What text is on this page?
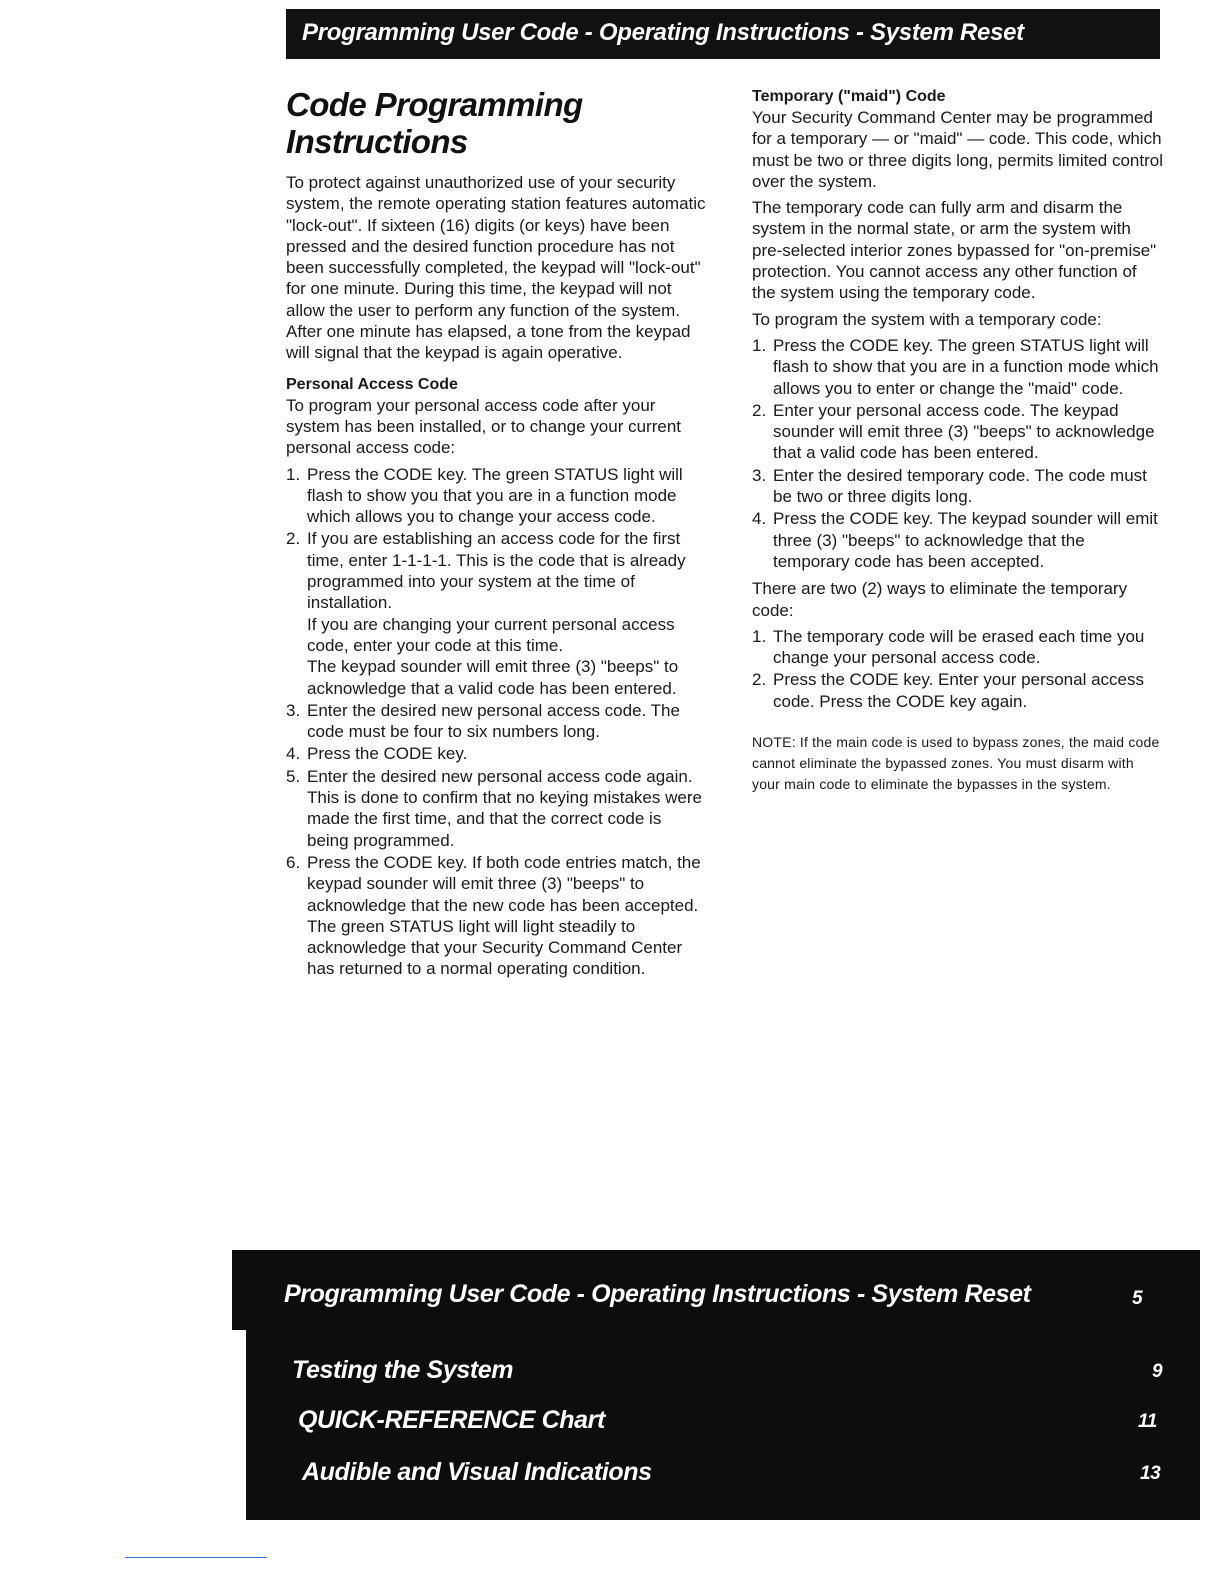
Programming User Code - Operating Instructions - System Reset
Code Programming
Instructions

To protect against unauthorized use of your security system, the remote operating station features automatic "lock-out". If sixteen (16) digits (or keys) have been pressed and the desired function procedure has not been successfully completed, the keypad will "lock-out" for one minute. During this time, the keypad will not allow the user to perform any function of the system. After one minute has elapsed, a tone from the keypad will signal that the keypad is again operative.

Personal Access Code

To program your personal access code after your system has been installed, or to change your current personal access code:

1. Press the CODE key. The green STATUS light will flash to show you that you are in a function mode which allows you to change your access code.
2. If you are establishing an access code for the first time, enter 1-1-1-1. This is the code that is already programmed into your system at the time of installation.
If you are changing your current personal access code, enter your code at this time.
The keypad sounder will emit three (3) "beeps" to acknowledge that a valid code has been entered.
3. Enter the desired new personal access code. The code must be four to six numbers long.
4. Press the CODE key.
5. Enter the desired new personal access code again. This is done to confirm that no keying mistakes were made the first time, and that the correct code is being programmed.
6. Press the CODE key. If both code entries match, the keypad sounder will emit three (3) "beeps" to acknowledge that the new code has been accepted.
The green STATUS light will light steadily to acknowledge that your Security Command Center has returned to a normal operating condition.
Temporary ("maid") Code

Your Security Command Center may be programmed for a temporary — or "maid" — code. This code, which must be two or three digits long, permits limited control over the system.

The temporary code can fully arm and disarm the system in the normal state, or arm the system with pre-selected interior zones bypassed for "on-premise" protection. You cannot access any other function of the system using the temporary code.

To program the system with a temporary code:

1. Press the CODE key. The green STATUS light will flash to show that you are in a function mode which allows you to enter or change the "maid" code.
2. Enter your personal access code. The keypad sounder will emit three (3) "beeps" to acknowledge that a valid code has been entered.
3. Enter the desired temporary code. The code must be two or three digits long.
4. Press the CODE key. The keypad sounder will emit three (3) "beeps" to acknowledge that the temporary code has been accepted.

There are two (2) ways to eliminate the temporary code:

1. The temporary code will be erased each time you change your personal access code.
2. Press the CODE key. Enter your personal access code. Press the CODE key again.
NOTE: If the main code is used to bypass zones, the maid code cannot eliminate the bypassed zones. You must disarm with your main code to eliminate the bypasses in the system.
Programming User Code - Operating Instructions - System Reset	5
Testing the System	9
QUICK-REFERENCE Chart	11
Audible and Visual Indications	13
